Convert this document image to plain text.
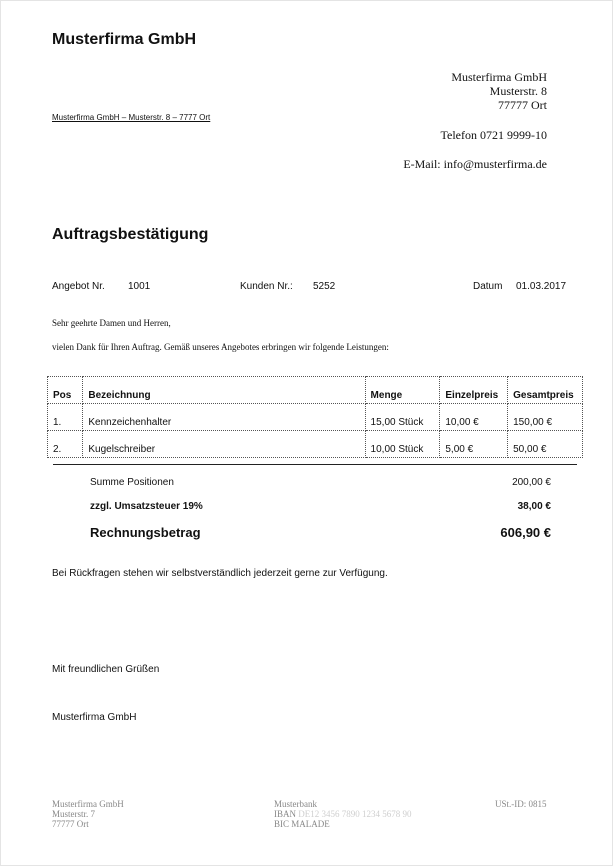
Musterfirma GmbH
Musterfirma GmbH
Musterstr. 8
77777 Ort
Musterfirma GmbH – Musterstr. 8 – 7777 Ort
Telefon 0721 9999-10
E-Mail: info@musterfirma.de
Auftragsbestätigung
Angebot Nr. 1001	Kunden Nr.: 5252	Datum 01.03.2017
Sehr geehrte Damen und Herren,
vielen Dank für Ihren Auftrag. Gemäß unseres Angebotes erbringen wir folgende Leistungen:
Pos	Bezeichnung	Menge	Einzelpreis	Gesamtpreis
1.	Kennzeichenhalter	15,00 Stück	10,00 €	150,00 €
2.	Kugelschreiber	10,00 Stück	5,00 €	50,00 €
Summe Positionen	200,00 €
zzgl. Umsatzsteuer 19%	38,00 €
Rechnungsbetrag	606,90 €
Bei Rückfragen stehen wir selbstverständlich jederzeit gerne zur Verfügung.
Mit freundlichen Grüßen
Musterfirma GmbH
Musterfirma GmbH
Musterstr. 7
77777 Ort
Musterbank
IBAN DE12 3456 7890 1234 5678 90
BIC MALADE
USt.-ID: 0815
